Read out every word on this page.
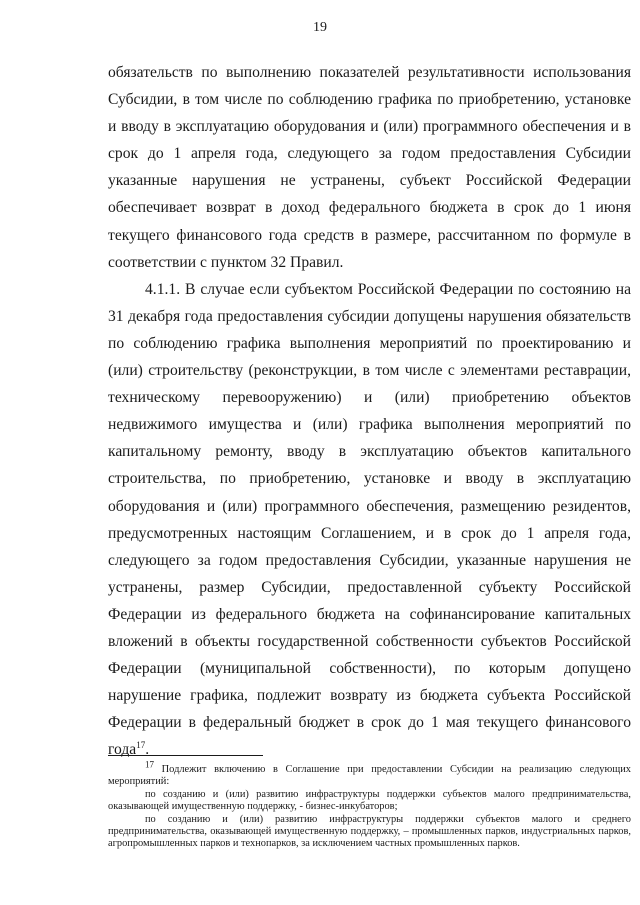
19

обязательств по выполнению показателей результативности использования Субсидии, в том числе по соблюдению графика по приобретению, установке и вводу в эксплуатацию оборудования и (или) программного обеспечения и в срок до 1 апреля года, следующего за годом предоставления Субсидии указанные нарушения не устранены, субъект Российской Федерации обеспечивает возврат в доход федерального бюджета в срок до 1 июня текущего финансового года средств в размере, рассчитанном по формуле в соответствии с пунктом 32 Правил.

4.1.1. В случае если субъектом Российской Федерации по состоянию на 31 декабря года предоставления субсидии допущены нарушения обязательств по соблюдению графика выполнения мероприятий по проектированию и (или) строительству (реконструкции, в том числе с элементами реставрации, техническому перевооружению) и (или) приобретению объектов недвижимого имущества и (или) графика выполнения мероприятий по капитальному ремонту, вводу в эксплуатацию объектов капитального строительства, по приобретению, установке и вводу в эксплуатацию оборудования и (или) программного обеспечения, размещению резидентов, предусмотренных настоящим Соглашением, и в срок до 1 апреля года, следующего за годом предоставления Субсидии, указанные нарушения не устранены, размер Субсидии, предоставленной субъекту Российской Федерации из федерального бюджета на софинансирование капитальных вложений в объекты государственной собственности субъектов Российской Федерации (муниципальной собственности), по которым допущено нарушение графика, подлежит возврату из бюджета субъекта Российской Федерации в федеральный бюджет в срок до 1 мая текущего финансового года$^{17}$.

$^{17}$ Подлежит включению в Соглашение при предоставлении Субсидии на реализацию следующих мероприятий:

по созданию и (или) развитию инфраструктуры поддержки субъектов малого предпринимательства, оказывающей имущественную поддержку, - бизнес-инкубаторов;

по созданию и (или) развитию инфраструктуры поддержки субъектов малого и среднего предпринимательства, оказывающей имущественную поддержку, – промышленных парков, индустриальных парков, агропромышленных парков и технопарков, за исключением частных промышленных парков.
